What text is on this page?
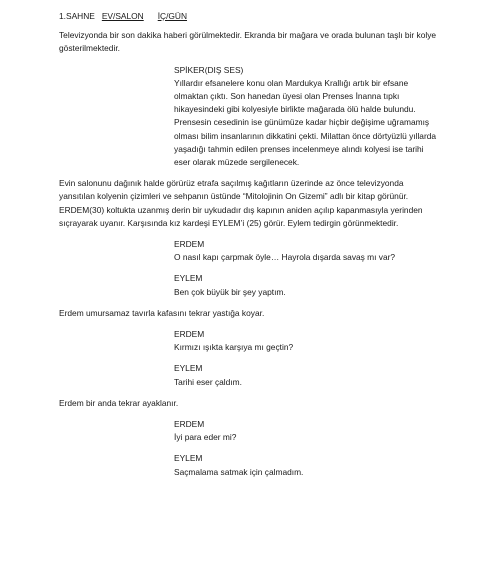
1.SAHNE
EV/SALON
İÇ/GÜN

Televizyonda bir son dakika haberi görülmektedir. Ekranda bir mağara ve orada bulunan taşlı bir kolye gösterilmektedir.

SPİKER(DIŞ SES)

Yıllardır efsanelere konu olan Mardukya Krallığı artık bir efsane olmaktan çıktı. Son hanedan üyesi olan Prenses İnanna tıpkı hikayesindeki gibi kolyesiyle birlikte mağarada ölü halde bulundu. Prensesin cesedinin ise günümüze kadar hiçbir değişime uğramamış olması bilim insanlarının dikkatini çekti. Milattan önce dörtyüzlü yıllarda yaşadığı tahmin edilen prenses incelenmeye alındı kolyesi ise tarihi eser olarak müzede sergilenecek.

Evin salonunu dağınık halde görürüz etrafa saçılmış kağıtların üzerinde az önce televizyonda yansıtılan kolyenin çizimleri ve sehpanın üstünde “Mitolojinin On Gizemi” adlı bir kitap görünür. ERDEM(30) koltukta uzanmış derin bir uykudadır dış kapının aniden açılıp kapanmasıyla yerinden sıçrayarak uyanır. Karşısında kız kardeşi EYLEM’i (25) görür. Eylem tedirgin görünmektedir.

ERDEM

O nasıl kapı çarpmak öyle… Hayrola dışarda savaş mı var?

EYLEM

Ben çok büyük bir şey yaptım.

Erdem umursamaz tavırla kafasını tekrar yastığa koyar.

ERDEM

Kırmızı ışıkta karşıya mı geçtin?

EYLEM

Tarihi eser çaldım.

Erdem bir anda tekrar ayaklanır.

ERDEM

İyi para eder mi?

EYLEM

Saçmalama satmak için çalmadım.
